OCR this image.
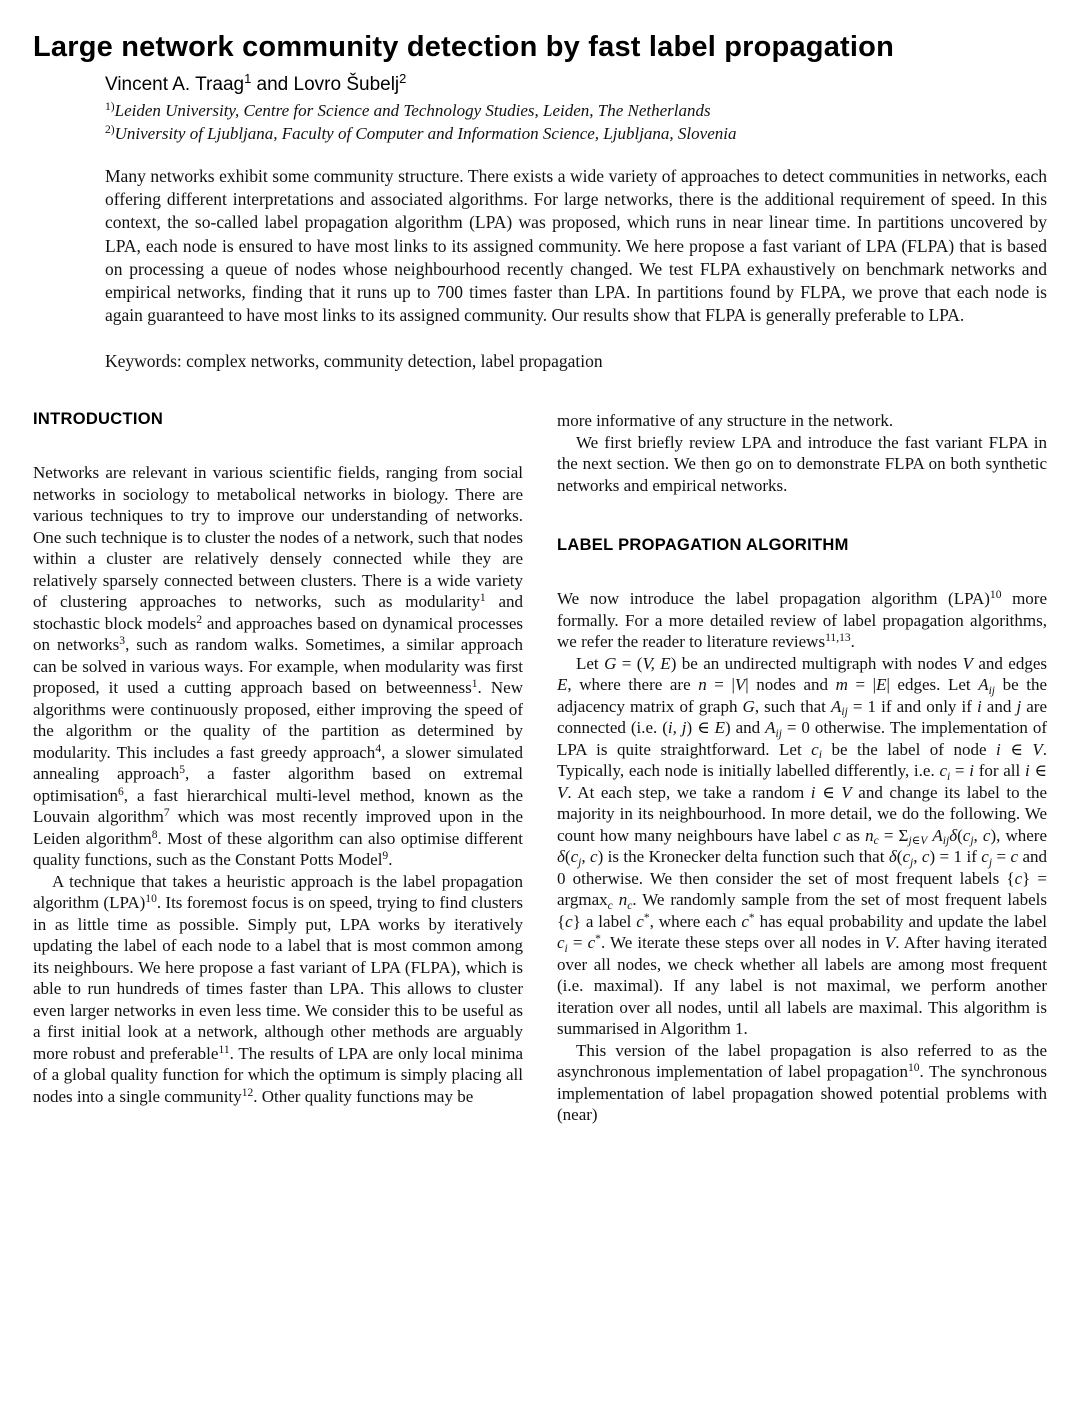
Large network community detection by fast label propagation
Vincent A. Traag$^1$ and Lovro Šubelj$^2$
$^{1)}$Leiden University, Centre for Science and Technology Studies, Leiden, The Netherlands
$^{2)}$University of Ljubljana, Faculty of Computer and Information Science, Ljubljana, Slovenia
Many networks exhibit some community structure. There exists a wide variety of approaches to detect communities in networks, each offering different interpretations and associated algorithms. For large networks, there is the additional requirement of speed. In this context, the so-called label propagation algorithm (LPA) was proposed, which runs in near linear time. In partitions uncovered by LPA, each node is ensured to have most links to its assigned community. We here propose a fast variant of LPA (FLPA) that is based on processing a queue of nodes whose neighbourhood recently changed. We test FLPA exhaustively on benchmark networks and empirical networks, finding that it runs up to 700 times faster than LPA. In partitions found by FLPA, we prove that each node is again guaranteed to have most links to its assigned community. Our results show that FLPA is generally preferable to LPA.
Keywords: complex networks, community detection, label propagation
INTRODUCTION

Networks are relevant in various scientific fields, ranging from social networks in sociology to metabolical networks in biology. There are various techniques to try to improve our understanding of networks. One such technique is to cluster the nodes of a network, such that nodes within a cluster are relatively densely connected while they are relatively sparsely connected between clusters. There is a wide variety of clustering approaches to networks, such as modularity$^1$ and stochastic block models$^2$ and approaches based on dynamical processes on networks$^3$, such as random walks. Sometimes, a similar approach can be solved in various ways. For example, when modularity was first proposed, it used a cutting approach based on betweenness$^1$. New algorithms were continuously proposed, either improving the speed of the algorithm or the quality of the partition as determined by modularity. This includes a fast greedy approach$^4$, a slower simulated annealing approach$^5$, a faster algorithm based on extremal optimisation$^6$, a fast hierarchical multi-level method, known as the Louvain algorithm$^7$ which was most recently improved upon in the Leiden algorithm$^8$. Most of these algorithm can also optimise different quality functions, such as the Constant Potts Model$^9$.

A technique that takes a heuristic approach is the label propagation algorithm (LPA)$^{10}$. Its foremost focus is on speed, trying to find clusters in as little time as possible. Simply put, LPA works by iteratively updating the label of each node to a label that is most common among its neighbours. We here propose a fast variant of LPA (FLPA), which is able to run hundreds of times faster than LPA. This allows to cluster even larger networks in even less time. We consider this to be useful as a first initial look at a network, although other methods are arguably more robust and preferable$^{11}$. The results of LPA are only local minima of a global quality function for which the optimum is simply placing all nodes into a single community$^{12}$. Other quality functions may be

more informative of any structure in the network.

We first briefly review LPA and introduce the fast variant FLPA in the next section. We then go on to demonstrate FLPA on both synthetic networks and empirical networks.

LABEL PROPAGATION ALGORITHM

We now introduce the label propagation algorithm (LPA)$^{10}$ more formally. For a more detailed review of label propagation algorithms, we refer the reader to literature reviews$^{11,13}$.

Let G = (V, E) be an undirected multigraph with nodes V and edges E, where there are n = |V| nodes and m = |E| edges. Let $A_{ij}$ be the adjacency matrix of graph G, such that $A_{ij} = 1$ if and only if i and j are connected (i.e. (i, j) ∈ E) and $A_{ij} = 0$ otherwise. The implementation of LPA is quite straightforward. Let $c_i$ be the label of node i ∈ V. Typically, each node is initially labelled differently, i.e. $c_i = i$ for all i ∈ V. At each step, we take a random i ∈ V and change its label to the majority in its neighbourhood. In more detail, we do the following. We count how many neighbours have label c as $n_c = \Sigma_{j\in V}$ $A_{ij}\delta(c_j$, c), where $\delta(c_j$, c) is the Kronecker delta function such that $\delta(c_j$, c) = 1 if $c_j = c$ and 0 otherwise. We then consider the set of most frequent labels {c} = argmax$_c$ $n_c$. We randomly sample from the set of most frequent labels {c} a label c*, where each c* has equal probability and update the label $c_i = c^*$. We iterate these steps over all nodes in V. After having iterated over all nodes, we check whether all labels are among most frequent (i.e. maximal). If any label is not maximal, we perform another iteration over all nodes, until all labels are maximal. This algorithm is summarised in Algorithm 1.

This version of the label propagation is also referred to as the asynchronous implementation of label propagation$^{10}$. The synchronous implementation of label propagation showed potential problems with (near)
